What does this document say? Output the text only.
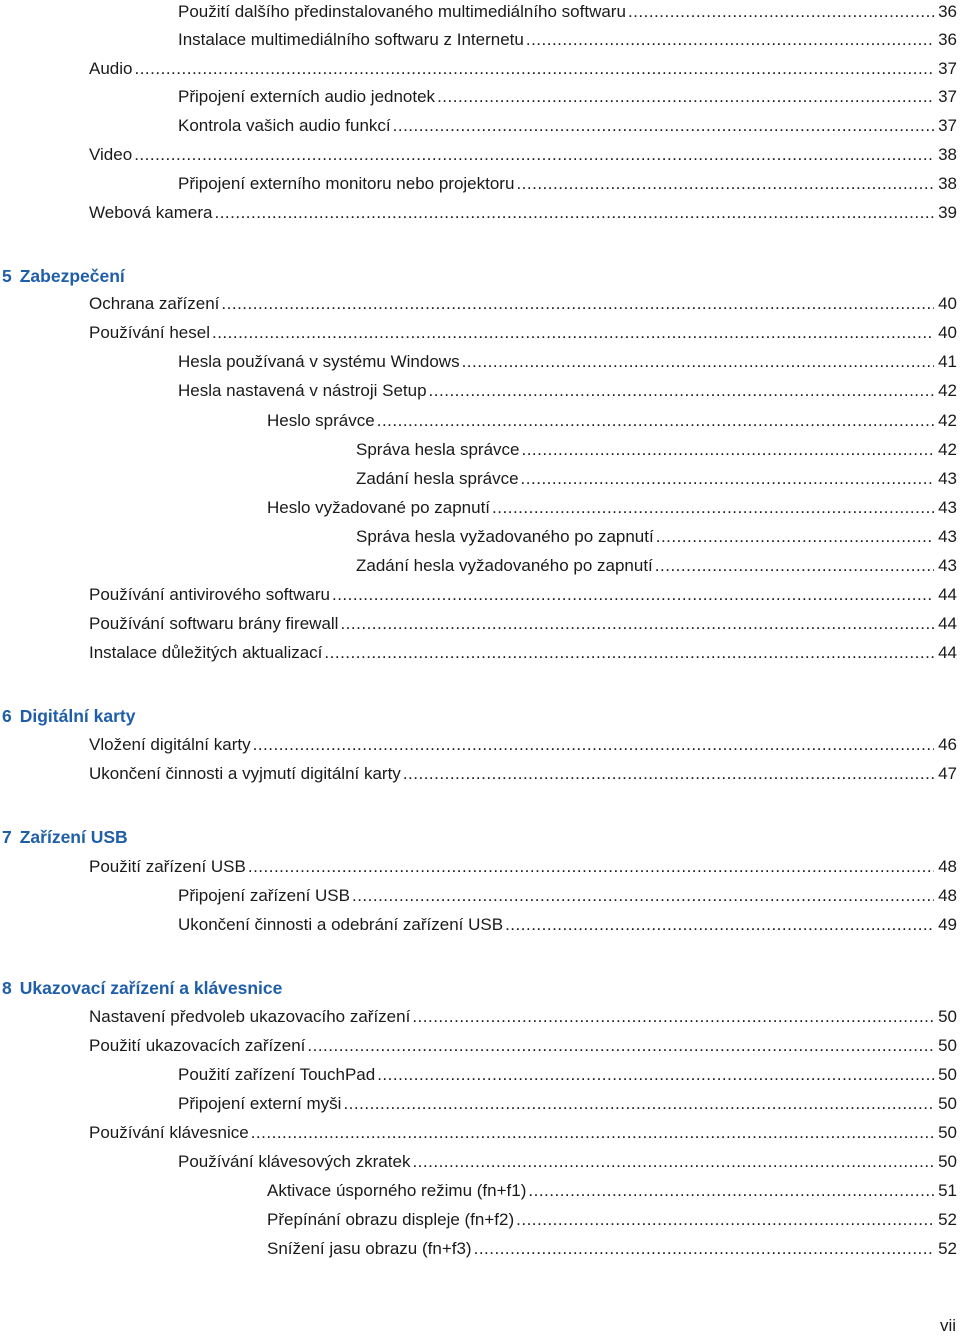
Použití dalšího předinstalovaného multimediálního softwaru .....	36
Instalace multimediálního softwaru z Internetu .....	36
Audio .....	37
Připojení externích audio jednotek .....	37
Kontrola vašich audio funkcí .....	37
Video .....	38
Připojení externího monitoru nebo projektoru .....	38
Webová kamera .....	39
5 Zabezpečení
Ochrana zařízení .....	40
Používání hesel .....	40
Hesla používaná v systému Windows .....	41
Hesla nastavená v nástroji Setup .....	42
Heslo správce .....	42
Správa hesla správce .....	42
Zadání hesla správce .....	43
Heslo vyžadované po zapnutí .....	43
Správa hesla vyžadovaného po zapnutí .....	43
Zadání hesla vyžadovaného po zapnutí .....	43
Používání antivirového softwaru .....	44
Používání softwaru brány firewall .....	44
Instalace důležitých aktualizací .....	44
6 Digitální karty
Vložení digitální karty .....	46
Ukončení činnosti a vyjmutí digitální karty .....	47
7 Zařízení USB
Použití zařízení USB .....	48
Připojení zařízení USB .....	48
Ukončení činnosti a odebrání zařízení USB .....	49
8 Ukazovací zařízení a klávesnice
Nastavení předvoleb ukazovacího zařízení .....	50
Použití ukazovacích zařízení .....	50
Použití zařízení TouchPad .....	50
Připojení externí myši .....	50
Používání klávesnice .....	50
Používání klávesových zkratek .....	50
Aktivace úsporného režimu (fn+f1) .....	51
Přepínání obrazu displeje (fn+f2) .....	52
Snížení jasu obrazu (fn+f3) .....	52
vii
